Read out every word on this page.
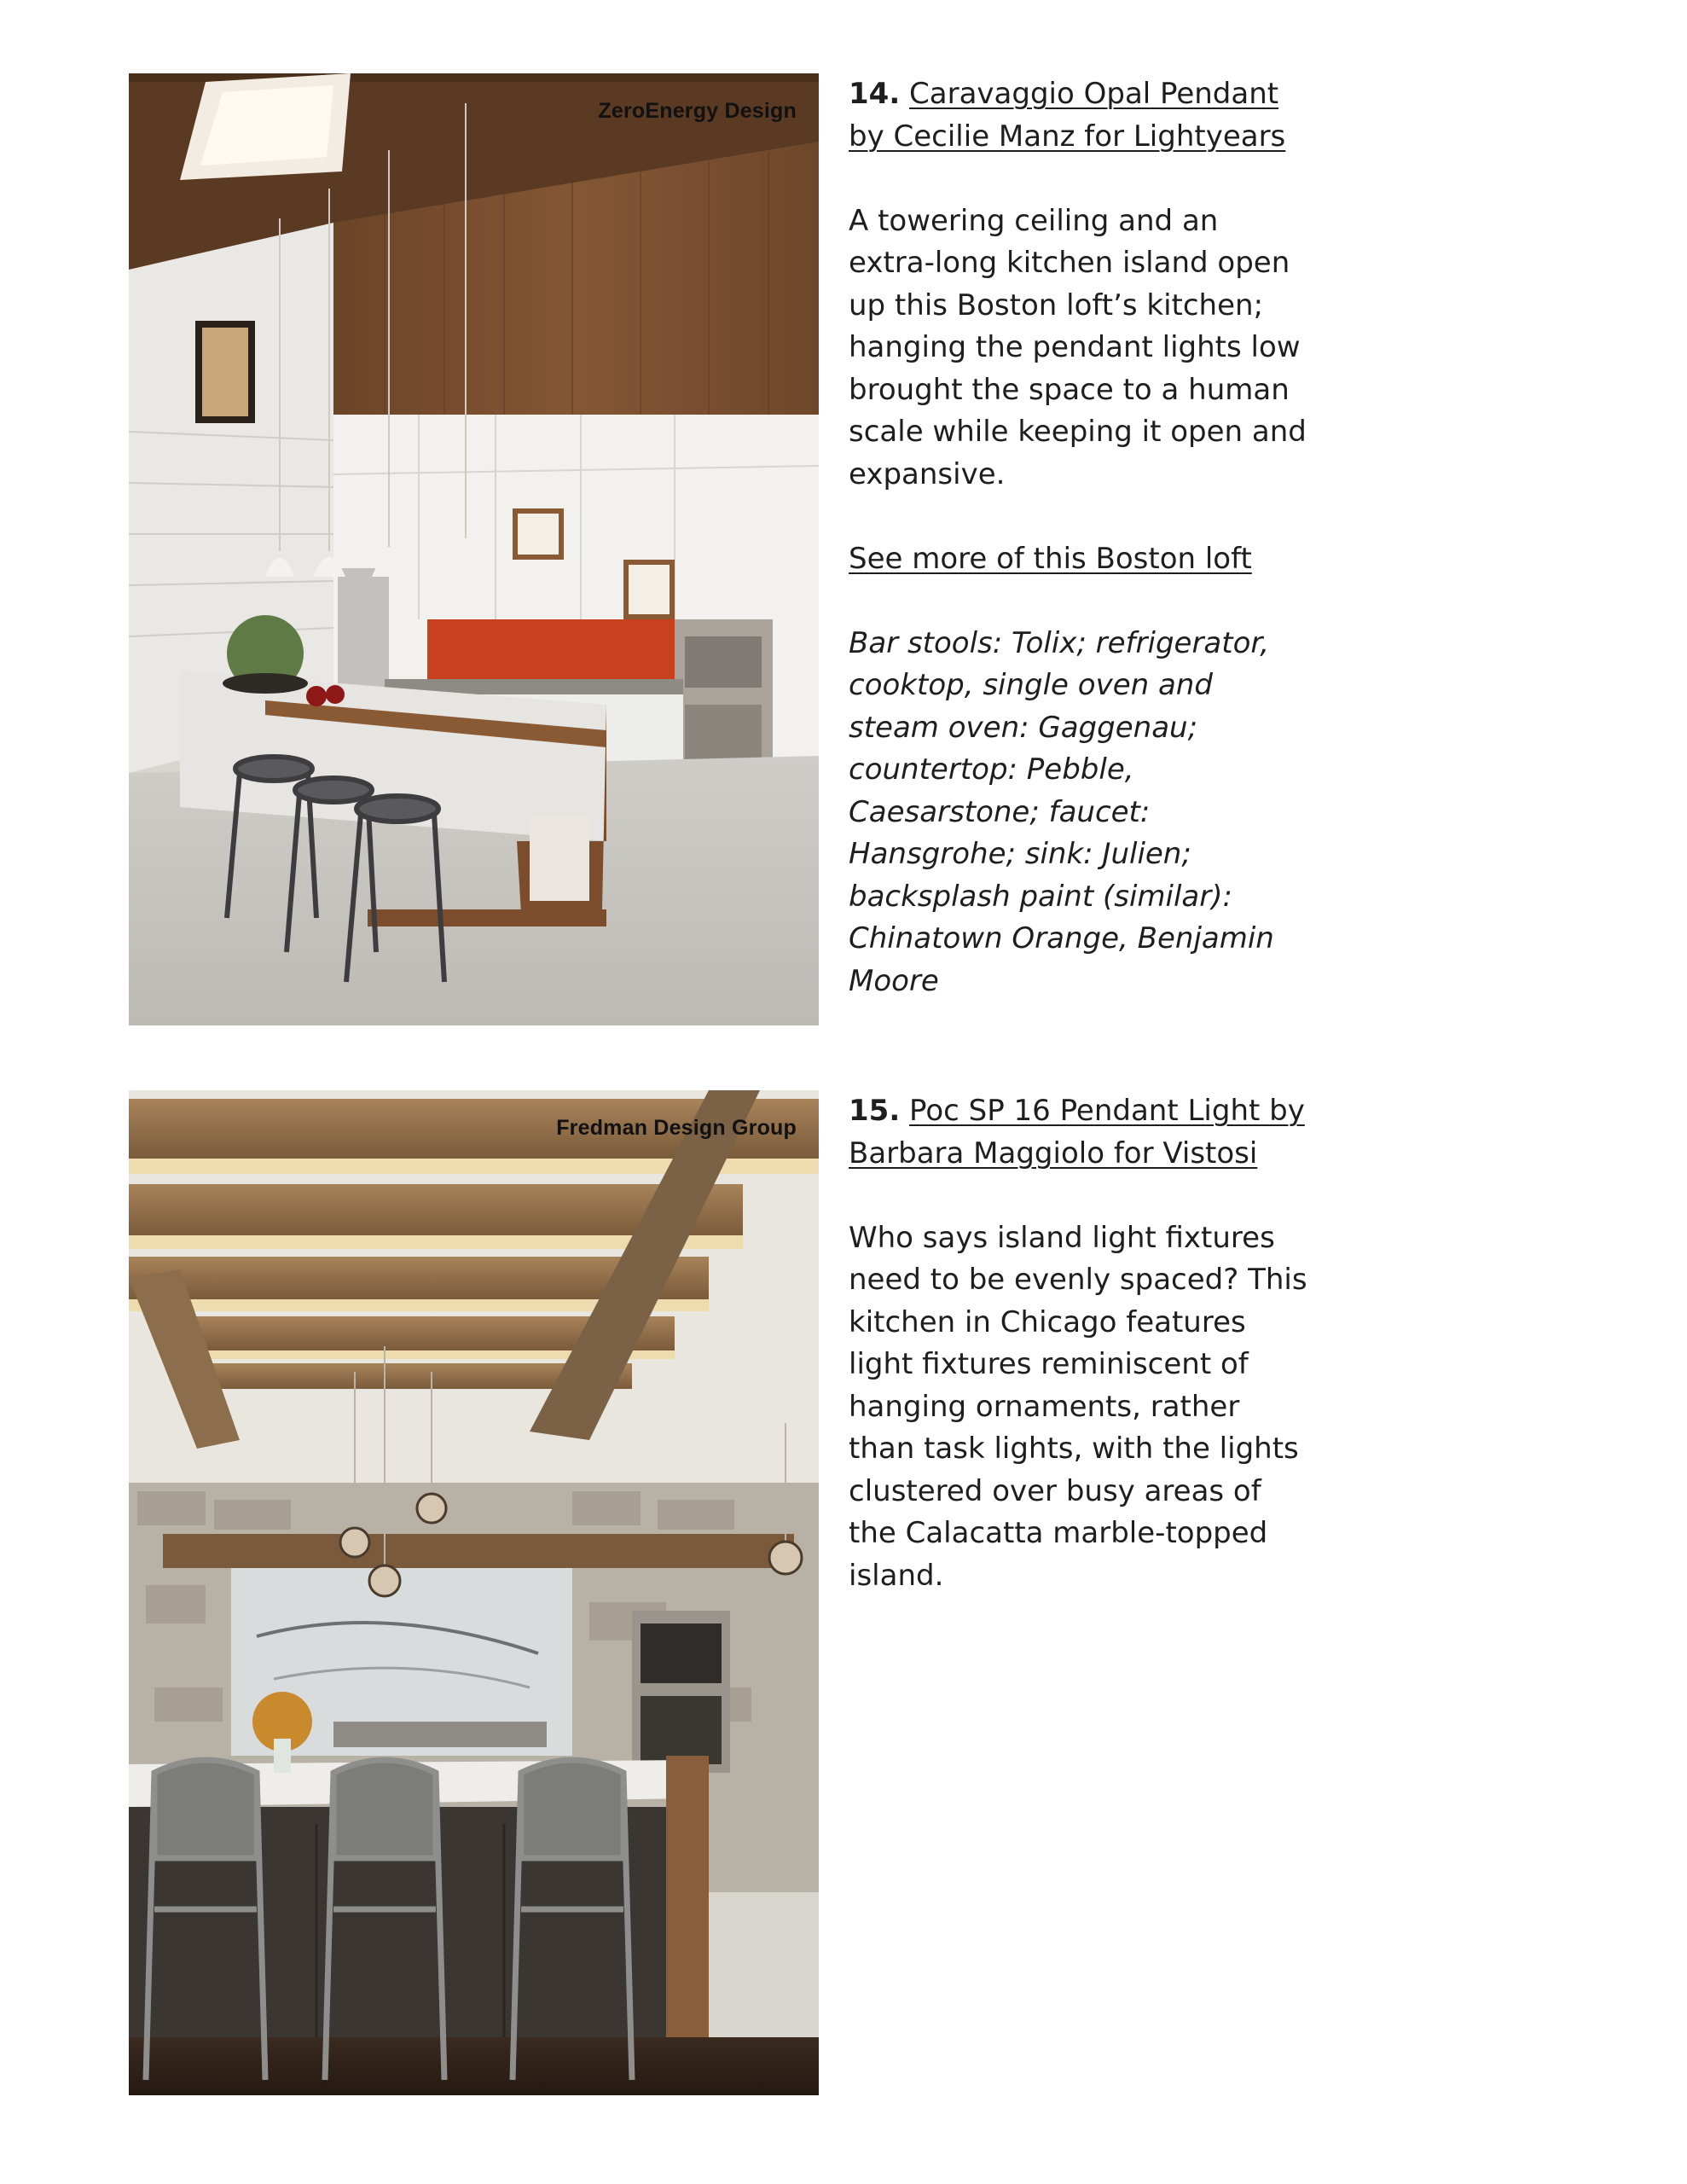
ZeroEnergy Design 14. Caravaggio Opal Pendant by Cecilie Manz for Lightyears

A towering ceiling and an extra-long kitchen island open up this Boston loft’s kitchen; hanging the pendant lights low brought the space to a human scale while keeping it open and expansive.

See more of this Boston loft

Bar stools: Tolix; refrigerator, cooktop, single oven and steam oven: Gaggenau; countertop: Pebble, Caesarstone; faucet: Hansgrohe; sink: Julien; backsplash paint (similar): Chinatown Orange, Benjamin Moore

Fredman Design Group 15. Poc SP 16 Pendant Light by Barbara Maggiolo for Vistosi

Who says island light fixtures need to be evenly spaced? This kitchen in Chicago features light fixtures reminiscent of hanging ornaments, rather than task lights, with the lights clustered over busy areas of the Calacatta marble-topped island.
